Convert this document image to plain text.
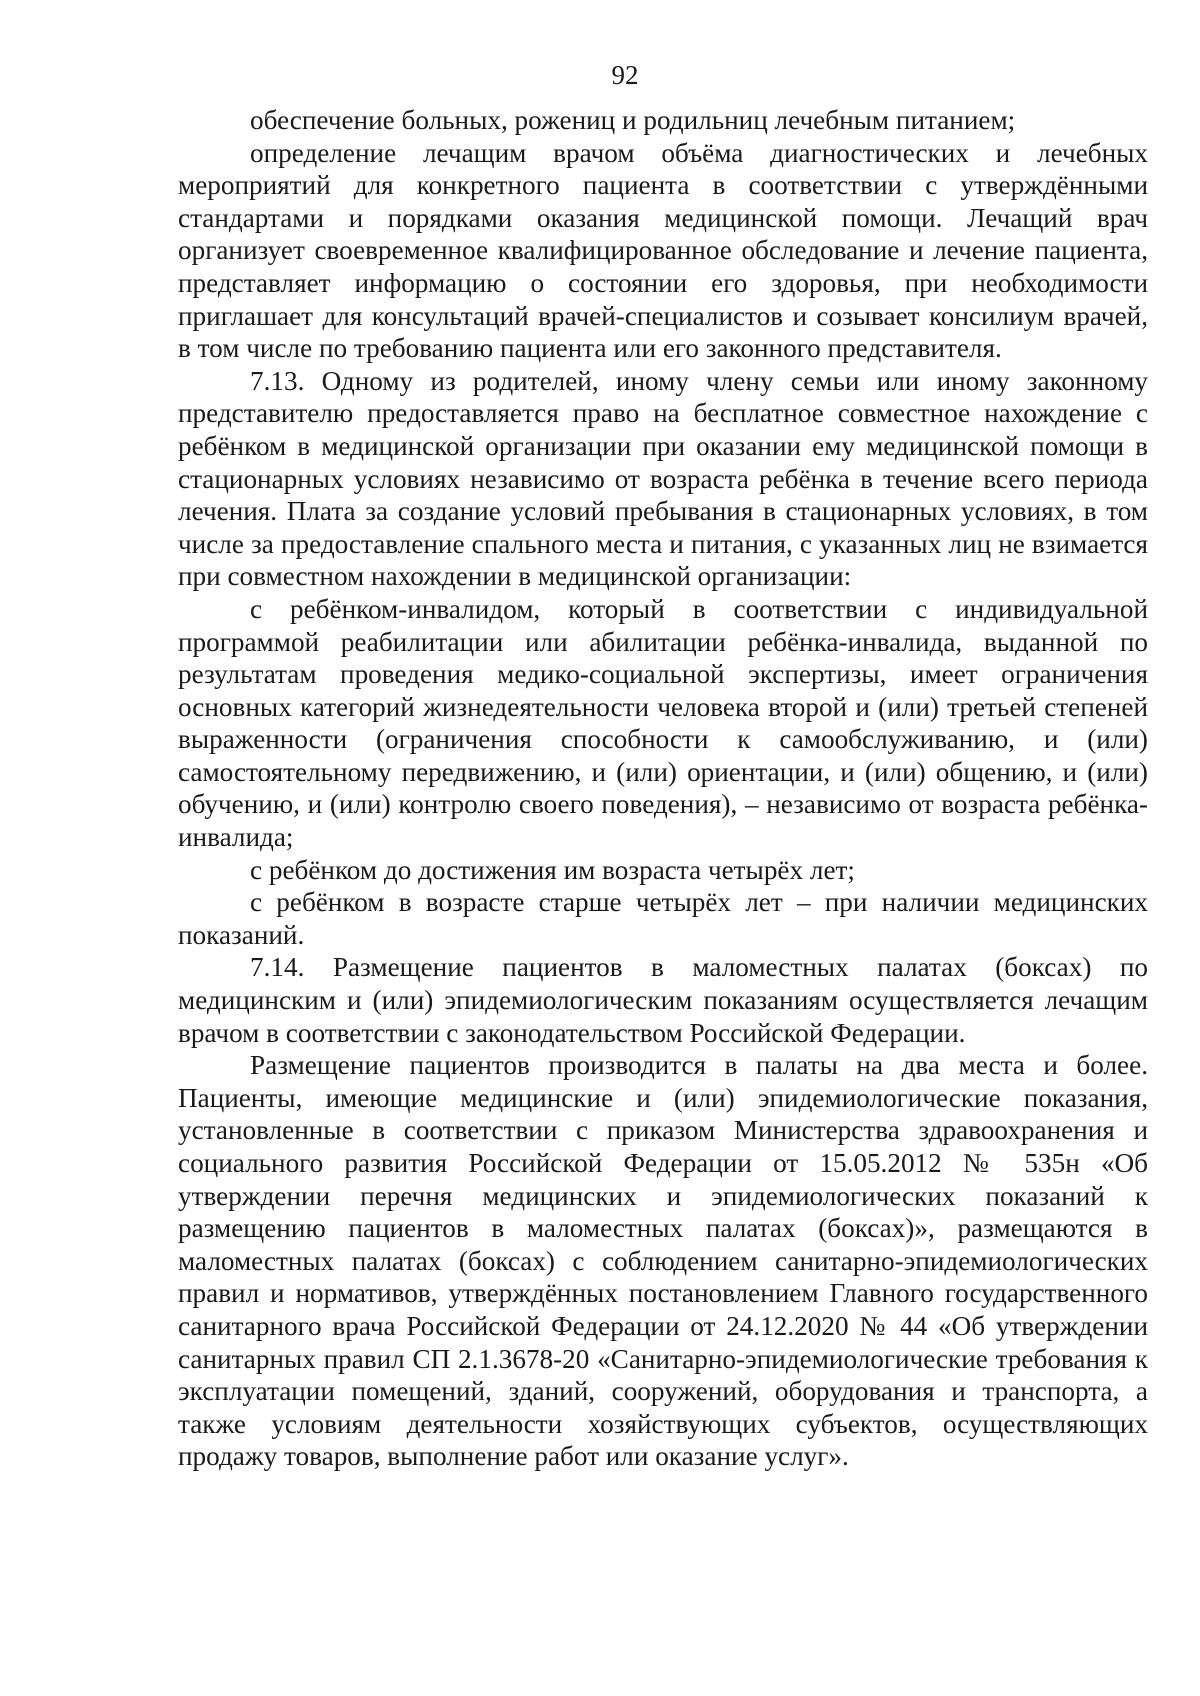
92

обеспечение больных, рожениц и родильниц лечебным питанием;

определение лечащим врачом объёма диагностических и лечебных мероприятий для конкретного пациента в соответствии с утверждёнными стандартами и порядками оказания медицинской помощи. Лечащий врач организует своевременное квалифицированное обследование и лечение пациента, представляет информацию о состоянии его здоровья, при необходимости приглашает для консультаций врачей-специалистов и созывает консилиум врачей, в том числе по требованию пациента или его законного представителя.

7.13. Одному из родителей, иному члену семьи или иному законному представителю предоставляется право на бесплатное совместное нахождение с ребёнком в медицинской организации при оказании ему медицинской помощи в стационарных условиях независимо от возраста ребёнка в течение всего периода лечения. Плата за создание условий пребывания в стационарных условиях, в том числе за предоставление спального места и питания, с указанных лиц не взимается при совместном нахождении в медицинской организации:

с ребёнком-инвалидом, который в соответствии с индивидуальной программой реабилитации или абилитации ребёнка-инвалида, выданной по результатам проведения медико-социальной экспертизы, имеет ограничения основных категорий жизнедеятельности человека второй и (или) третьей степеней выраженности (ограничения способности к самообслуживанию, и (или) самостоятельному передвижению, и (или) ориентации, и (или) общению, и (или) обучению, и (или) контролю своего поведения), – независимо от возраста ребёнка-инвалида;

с ребёнком до достижения им возраста четырёх лет;

с ребёнком в возрасте старше четырёх лет – при наличии медицинских показаний.

7.14. Размещение пациентов в маломестных палатах (боксах) по медицинским и (или) эпидемиологическим показаниям осуществляется лечащим врачом в соответствии с законодательством Российской Федерации.

Размещение пациентов производится в палаты на два места и более. Пациенты, имеющие медицинские и (или) эпидемиологические показания, установленные в соответствии с приказом Министерства здравоохранения и социального развития Российской Федерации от 15.05.2012 № 535н «Об утверждении перечня медицинских и эпидемиологических показаний к размещению пациентов в маломестных палатах (боксах)», размещаются в маломестных палатах (боксах) с соблюдением санитарно-эпидемиологических правил и нормативов, утверждённых постановлением Главного государственного санитарного врача Российской Федерации от 24.12.2020 № 44 «Об утверждении санитарных правил СП 2.1.3678-20 «Санитарно-эпидемиологические требования к эксплуатации помещений, зданий, сооружений, оборудования и транспорта, а также условиям деятельности хозяйствующих субъектов, осуществляющих продажу товаров, выполнение работ или оказание услуг».
